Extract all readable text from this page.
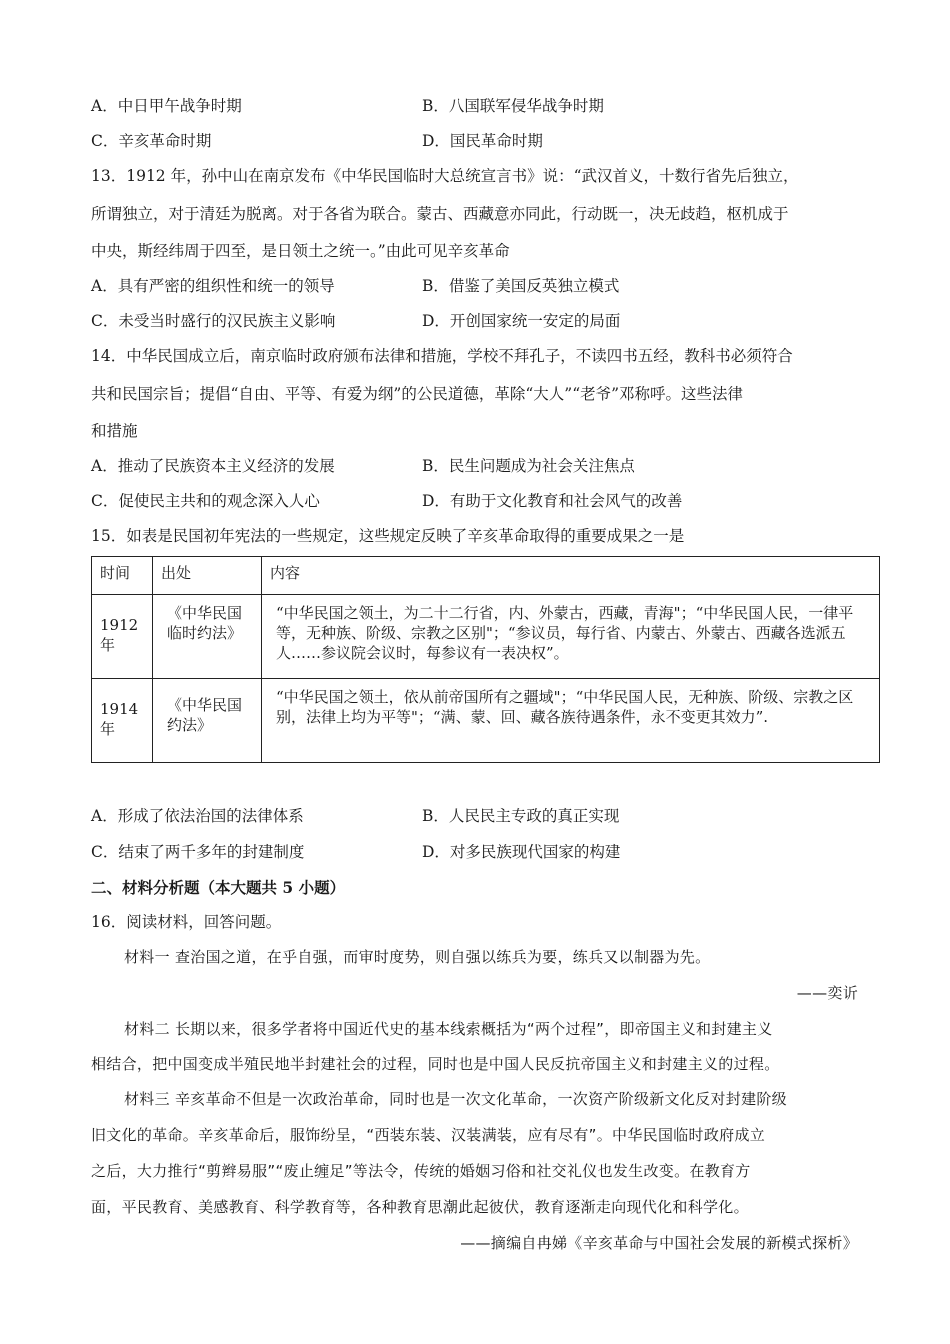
A．中日甲午战争时期	B．八国联军侵华战争时期
C．辛亥革命时期	D．国民革命时期
13．1912 年，孙中山在南京发布《中华民国临时大总统宣言书》说：“武汉首义，十数行省先后独立，
所谓独立，对于清廷为脱离。对于各省为联合。蒙古、西藏意亦同此，行动既一，决无歧趋，枢机成于
中央，斯经纬周于四至，是日领土之统一。”由此可见辛亥革命
A．具有严密的组织性和统一的领导	B．借鉴了美国反英独立模式
C．未受当时盛行的汉民族主义影响	D．开创国家统一安定的局面
14．中华民国成立后，南京临时政府颁布法律和措施，学校不拜孔子，不读四书五经，教科书必须符合
共和民国宗旨；提倡“自由、平等、有爱为纲”的公民道德，革除“大人”“老爷”邓称呼。这些法律
和措施
A．推动了民族资本主义经济的发展	B．民生问题成为社会关注焦点
C．促使民主共和的观念深入人心	D．有助于文化教育和社会风气的改善
15．如表是民国初年宪法的一些规定，这些规定反映了辛亥革命取得的重要成果之一是
时间	出处	内容
1912 年	《中华民国临时约法》	“中华民国之领土，为二十二行省，内、外蒙古，西藏，青海"；“中华民国人民，一律平等，无种族、阶级、宗教之区别"；“参议员，每行省、内蒙古、外蒙古、西藏各选派五人……参议院会议时，每参议有一表决权”。
1914 年	《中华民国约法》	“中华民国之领土，依从前帝国所有之疆域"；“中华民国人民，无种族、阶级、宗教之区别，法律上均为平等"；“满、蒙、回、藏各族待遇条件，永不变更其效力”.
A．形成了依法治国的法律体系	B．人民民主专政的真正实现
C．结束了两千多年的封建制度	D．对多民族现代国家的构建
二、材料分析题（本大题共 5 小题）
16．阅读材料，回答问题。
材料一 查治国之道，在乎自强，而审时度势，则自强以练兵为要，练兵又以制器为先。
——奕䜣
材料二 长期以来，很多学者将中国近代史的基本线索概括为“两个过程”，即帝国主义和封建主义
相结合，把中国变成半殖民地半封建社会的过程，同时也是中国人民反抗帝国主义和封建主义的过程。
材料三 辛亥革命不但是一次政治革命，同时也是一次文化革命，一次资产阶级新文化反对封建阶级
旧文化的革命。辛亥革命后，服饰纷呈，“西装东装、汉装满装，应有尽有”。中华民国临时政府成立
之后，大力推行“剪辫易服”“废止缠足”等法令，传统的婚姻习俗和社交礼仪也发生改变。在教育方
面，平民教育、美感教育、科学教育等，各种教育思潮此起彼伏，教育逐渐走向现代化和科学化。
——摘编自冉娣《辛亥革命与中国社会发展的新模式探析》
